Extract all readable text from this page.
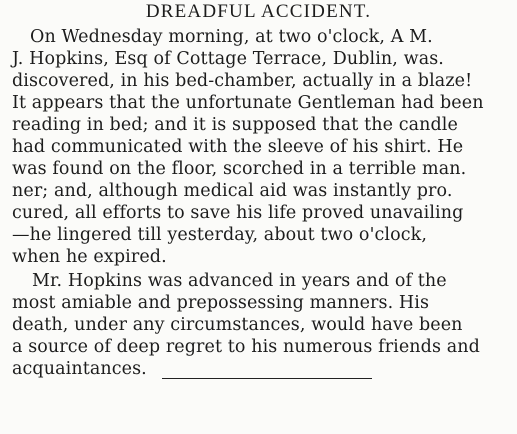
DREADFUL ACCIDENT.
On Wednesday morning, at two o'clock, A M.
J. Hopkins, Esq of Cottage Terrace, Dublin, was.
discovered, in his bed-chamber, actually in a blaze!
It appears that the unfortunate Gentleman had been
reading in bed; and it is supposed that the candle
had communicated with the sleeve of his shirt. He
was found on the floor, scorched in a terrible man.
ner; and, although medical aid was instantly pro.
cured, all efforts to save his life proved unavailing
—he lingered till yesterday, about two o'clock,
when he expired.
Mr. Hopkins was advanced in years and of the
most amiable and prepossessing manners. His
death, under any circumstances, would have been
a source of deep regret to his numerous friends and
acquaintances.
